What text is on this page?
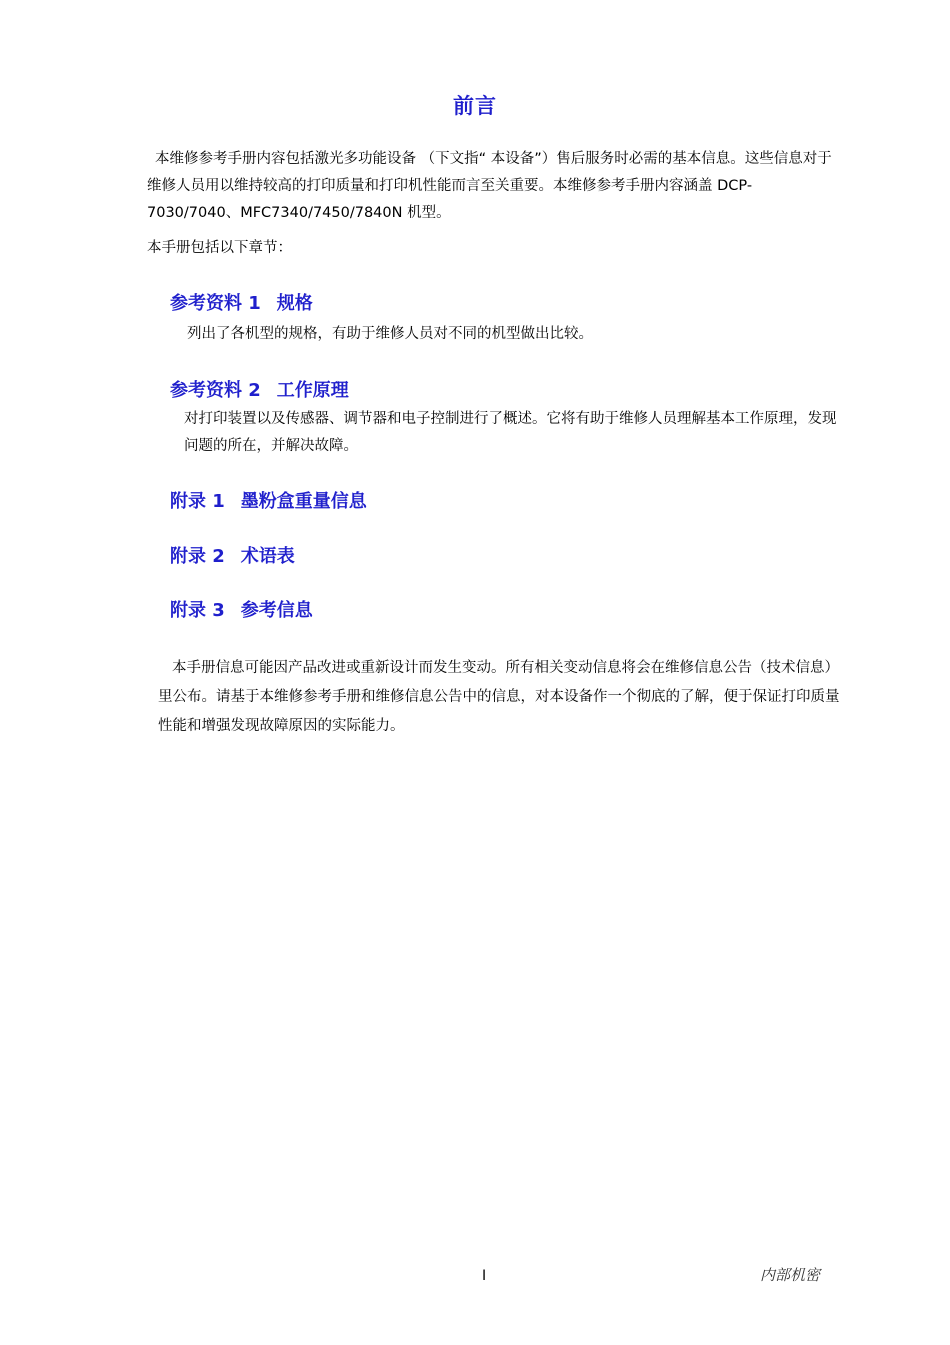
前言
本维修参考手册内容包括激光多功能设备 （下文指“ 本设备”）售后服务时必需的基本信息。这些信息对于维修人员用以维持较高的打印质量和打印机性能而言至关重要。本维修参考手册内容涵盖 DCP-7030/7040、MFC7340/7450/7840N 机型。
本手册包括以下章节：
参考资料 1 规格
列出了各机型的规格，有助于维修人员对不同的机型做出比较。
参考资料 2 工作原理
对打印装置以及传感器、调节器和电子控制进行了概述。它将有助于维修人员理解基本工作原理，发现问题的所在，并解决故障。
附录 1 墨粉盒重量信息
附录 2 术语表
附录 3 参考信息
本手册信息可能因产品改进或重新设计而发生变动。所有相关变动信息将会在维修信息公告（技术信息）里公布。请基于本维修参考手册和维修信息公告中的信息，对本设备作一个彻底的了解，便于保证打印质量性能和增强发现故障原因的实际能力。
I	内部机密
